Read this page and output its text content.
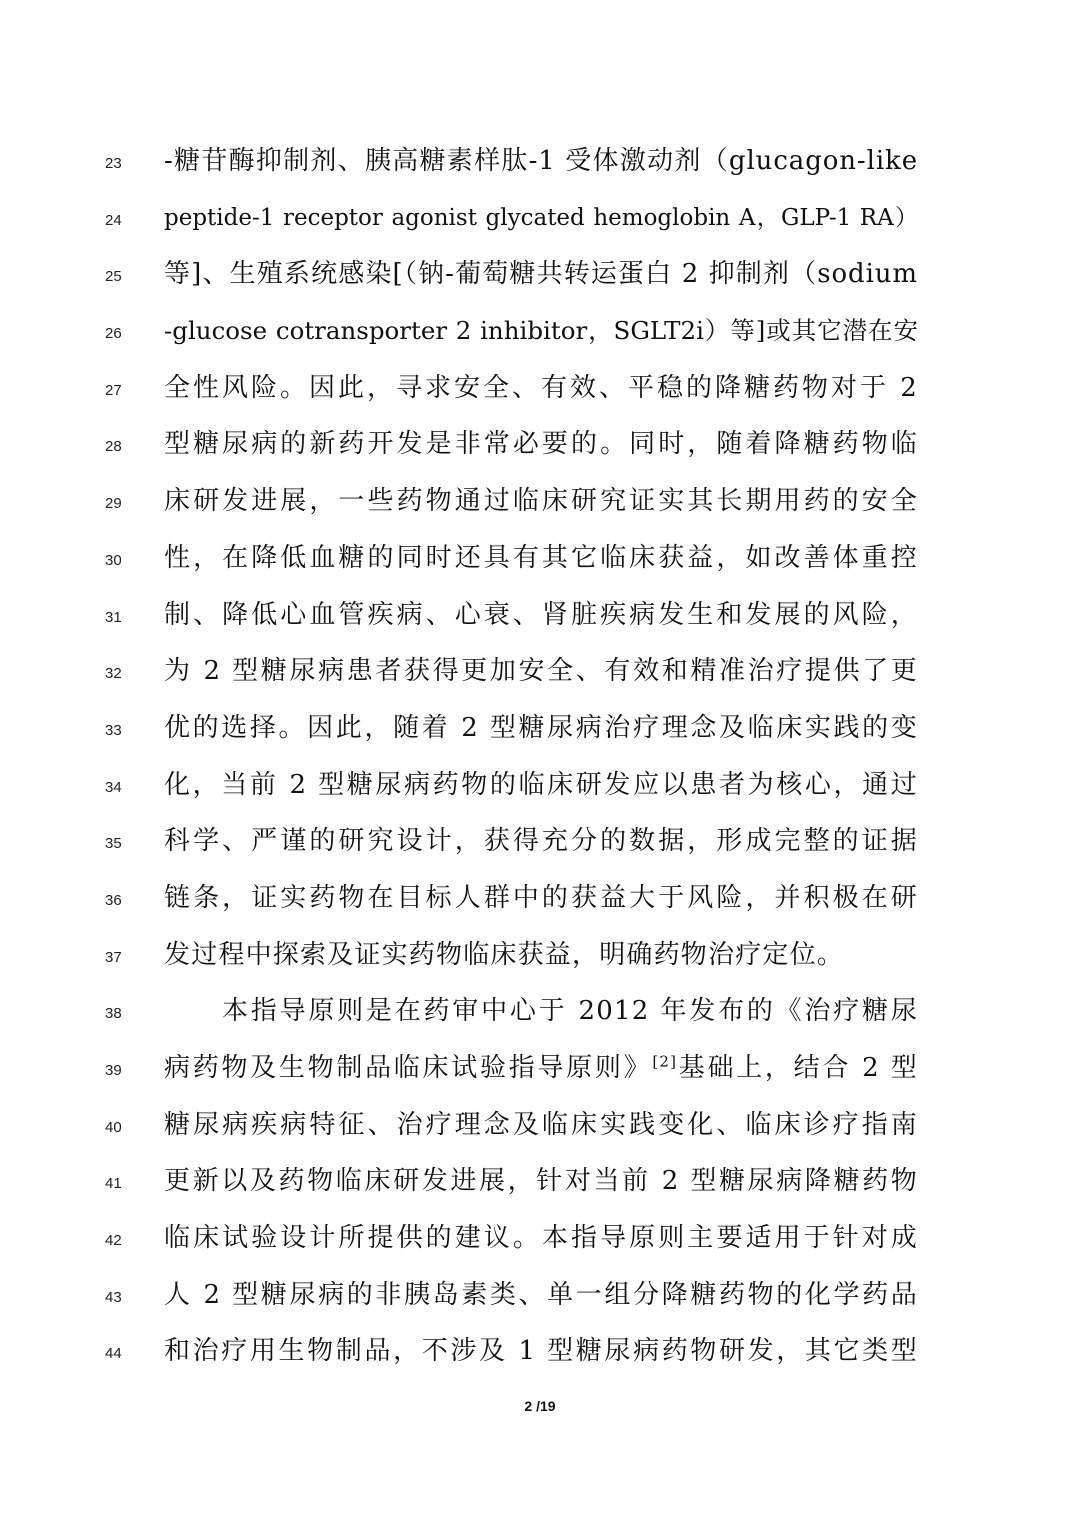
23	-糖苷酶抑制剂、胰高糖素样肽-1 受体激动剂（glucagon-like
24	peptide-1 receptor agonist glycated hemoglobin A，GLP-1 RA）
25	等]、生殖系统感染[（钠-葡萄糖共转运蛋白 2 抑制剂（sodium
26	-glucose cotransporter 2 inhibitor，SGLT2i）等]或其它潜在安
27	全性风险。因此，寻求安全、有效、平稳的降糖药物对于 2
28	型糖尿病的新药开发是非常必要的。同时，随着降糖药物临
29	床研发进展，一些药物通过临床研究证实其长期用药的安全
30	性，在降低血糖的同时还具有其它临床获益，如改善体重控
31	制、降低心血管疾病、心衰、肾脏疾病发生和发展的风险，
32	为 2 型糖尿病患者获得更加安全、有效和精准治疗提供了更
33	优的选择。因此，随着 2 型糖尿病治疗理念及临床实践的变
34	化，当前 2 型糖尿病药物的临床研发应以患者为核心，通过
35	科学、严谨的研究设计，获得充分的数据，形成完整的证据
36	链条，证实药物在目标人群中的获益大于风险，并积极在研
37	发过程中探索及证实药物临床获益，明确药物治疗定位。
38	本指导原则是在药审中心于 2012 年发布的《治疗糖尿
39	病药物及生物制品临床试验指导原则》[2]基础上，结合 2 型
40	糖尿病疾病特征、治疗理念及临床实践变化、临床诊疗指南
41	更新以及药物临床研发进展，针对当前 2 型糖尿病降糖药物
42	临床试验设计所提供的建议。本指导原则主要适用于针对成
43	人 2 型糖尿病的非胰岛素类、单一组分降糖药物的化学药品
44	和治疗用生物制品，不涉及 1 型糖尿病药物研发，其它类型
2 /19
